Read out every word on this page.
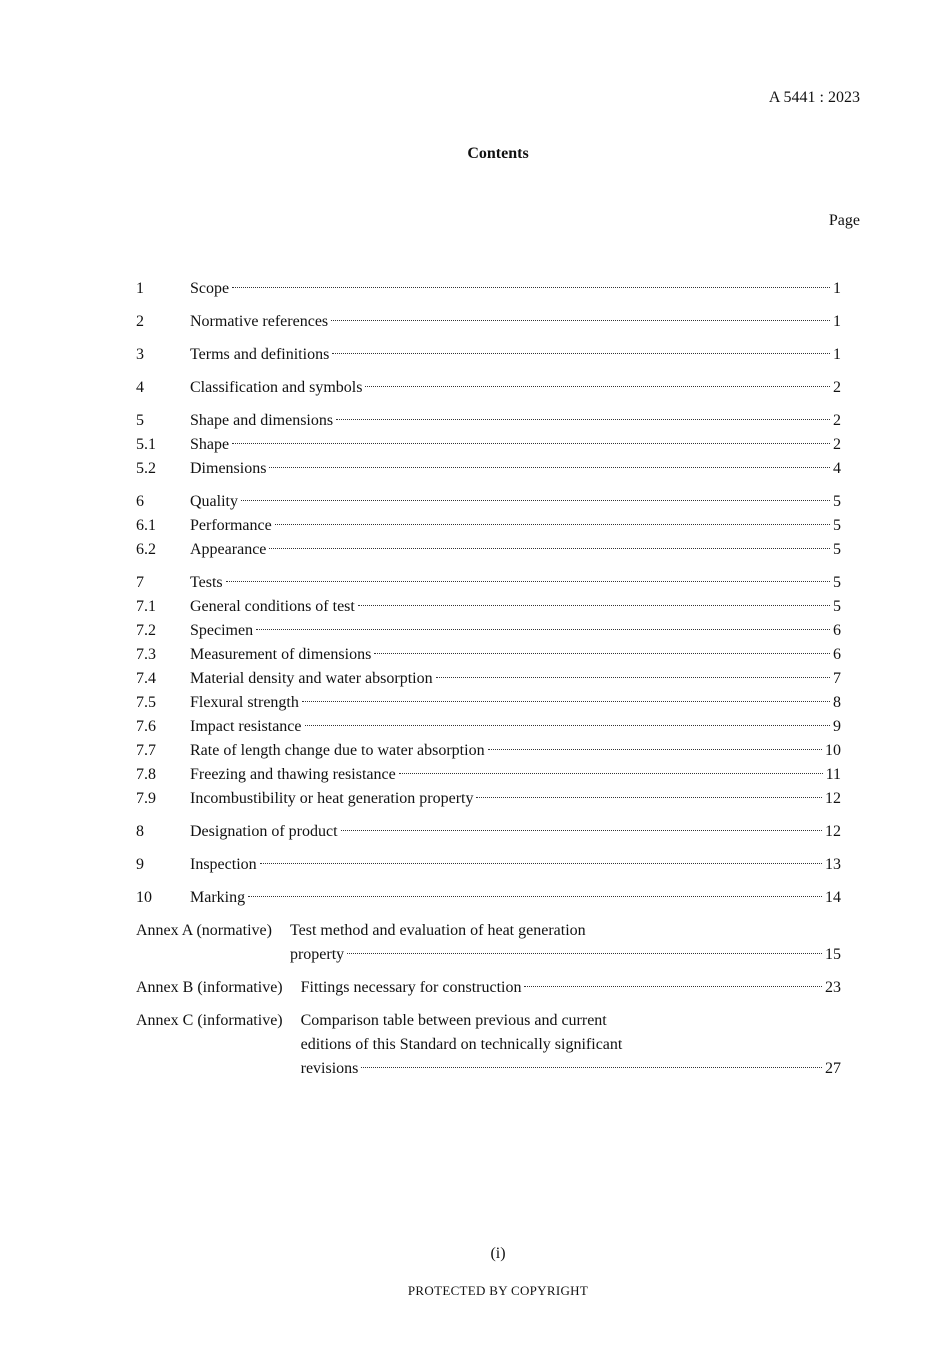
A 5441 : 2023
Contents
Page
1	Scope	1
2	Normative references	1
3	Terms and definitions	1
4	Classification and symbols	2
5	Shape and dimensions	2
5.1	Shape	2
5.2	Dimensions	4
6	Quality	5
6.1	Performance	5
6.2	Appearance	5
7	Tests	5
7.1	General conditions of test	5
7.2	Specimen	6
7.3	Measurement of dimensions	6
7.4	Material density and water absorption	7
7.5	Flexural strength	8
7.6	Impact resistance	9
7.7	Rate of length change due to water absorption	10
7.8	Freezing and thawing resistance	11
7.9	Incombustibility or heat generation property	12
8	Designation of product	12
9	Inspection	13
10	Marking	14
Annex A (normative) Test method and evaluation of heat generation
property	15
Annex B (informative) Fittings necessary for construction	23
Annex C (informative) Comparison table between previous and current
editions of this Standard on technically significant
revisions	27
(i)
PROTECTED BY COPYRIGHT
